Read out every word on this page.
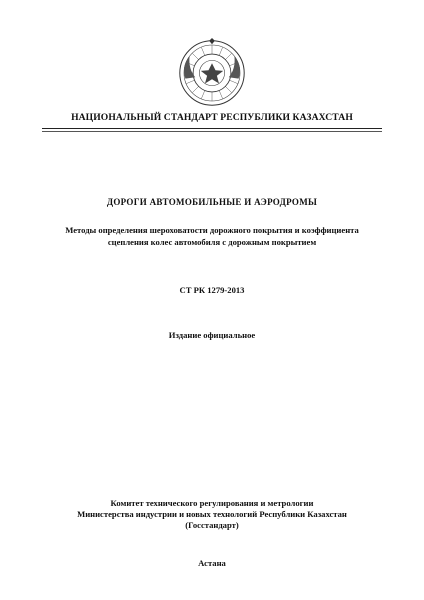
НАЦИОНАЛЬНЫЙ СТАНДАРТ РЕСПУБЛИКИ КАЗАХСТАН
ДОРОГИ АВТОМОБИЛЬНЫЕ И АЭРОДРОМЫ
Методы определения шероховатости дорожного покрытия и коэффициента
сцепления колес автомобиля с дорожным покрытием
СТ РК 1279-2013
Издание официальное
Комитет технического регулирования и метрологии
Министерства индустрии и новых технологий Республики Казахстан
(Госстандарт)
Астана
